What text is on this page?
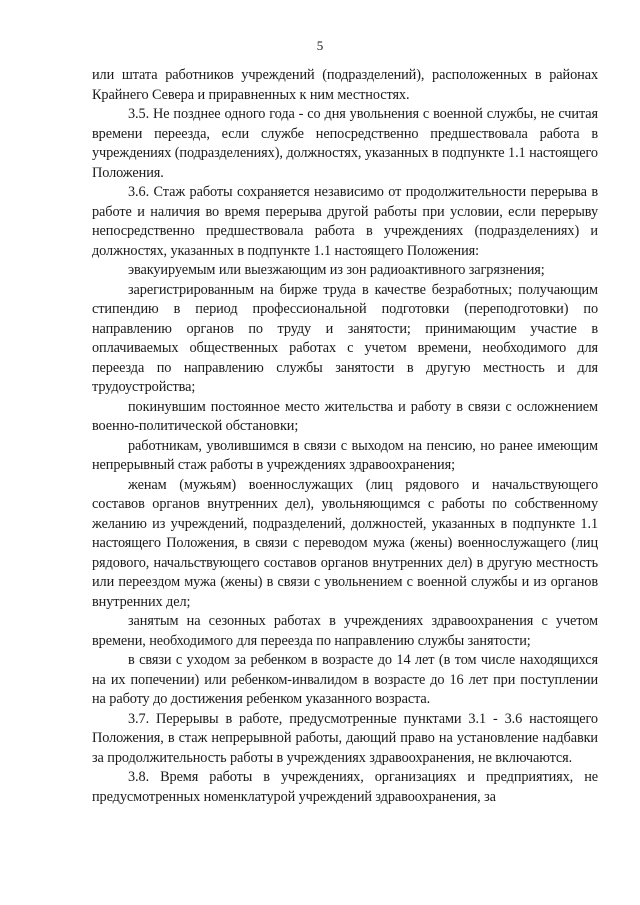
5

или штата работников учреждений (подразделений), расположенных в районах Крайнего Севера и приравненных к ним местностях.

3.5. Не позднее одного года - со дня увольнения с военной службы, не считая времени переезда, если службе непосредственно предшествовала работа в учреждениях (подразделениях), должностях, указанных в подпункте 1.1 настоящего Положения.

3.6. Стаж работы сохраняется независимо от продолжительности перерыва в работе и наличия во время перерыва другой работы при условии, если перерыву непосредственно предшествовала работа в учреждениях (подразделениях) и должностях, указанных в подпункте 1.1 настоящего Положения:

эвакуируемым или выезжающим из зон радиоактивного загрязнения;

зарегистрированным на бирже труда в качестве безработных; получающим стипендию в период профессиональной подготовки (переподготовки) по направлению органов по труду и занятости; принимающим участие в оплачиваемых общественных работах с учетом времени, необходимого для переезда по направлению службы занятости в другую местность и для трудоустройства;

покинувшим постоянное место жительства и работу в связи с осложнением военно-политической обстановки;

работникам, уволившимся в связи с выходом на пенсию, но ранее имеющим непрерывный стаж работы в учреждениях здравоохранения;

женам (мужьям) военнослужащих (лиц рядового и начальствующего составов органов внутренних дел), увольняющимся с работы по собственному желанию из учреждений, подразделений, должностей, указанных в подпункте 1.1 настоящего Положения, в связи с переводом мужа (жены) военнослужащего (лиц рядового, начальствующего составов органов внутренних дел) в другую местность или переездом мужа (жены) в связи с увольнением с военной службы и из органов внутренних дел;

занятым на сезонных работах в учреждениях здравоохранения с учетом времени, необходимого для переезда по направлению службы занятости;

в связи с уходом за ребенком в возрасте до 14 лет (в том числе находящихся на их попечении) или ребенком-инвалидом в возрасте до 16 лет при поступлении на работу до достижения ребенком указанного возраста.

3.7. Перерывы в работе, предусмотренные пунктами 3.1 - 3.6 настоящего Положения, в стаж непрерывной работы, дающий право на установление надбавки за продолжительность работы в учреждениях здравоохранения, не включаются.

3.8. Время работы в учреждениях, организациях и предприятиях, не предусмотренных номенклатурой учреждений здравоохранения, за
